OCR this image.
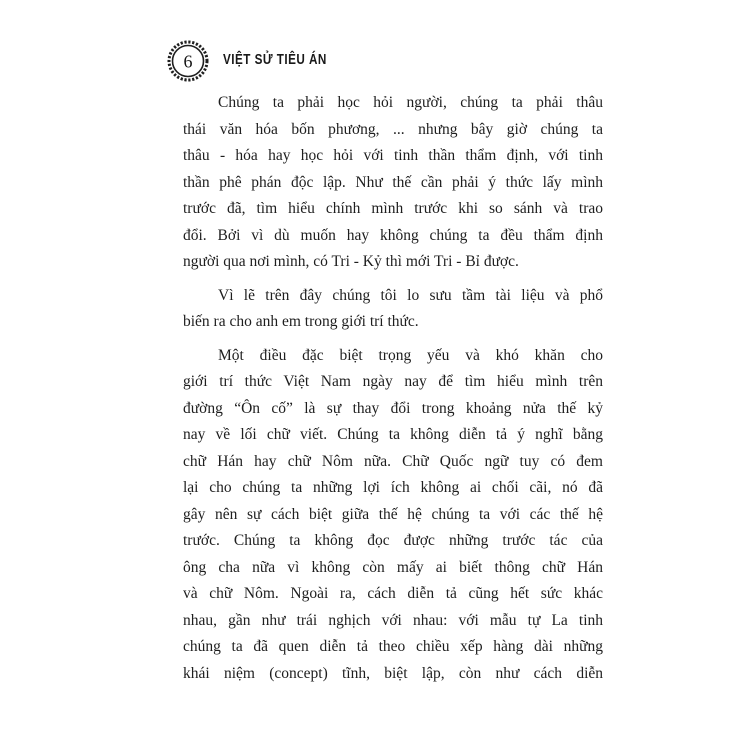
6 VIỆT SỬ TIÊU ÁN
Chúng ta phải học hỏi người, chúng ta phải thâu
thái văn hóa bốn phương, ... nhưng bây giờ chúng ta
thâu - hóa hay học hỏi với tinh thần thẩm định, với tinh
thần phê phán độc lập. Như thế cần phải ý thức lấy mình
trước đã, tìm hiểu chính mình trước khi so sánh và trao
đổi. Bởi vì dù muốn hay không chúng ta đều thẩm định
người qua nơi mình, có Tri - Kỷ thì mới Tri - Bỉ được.
Vì lẽ trên đây chúng tôi lo sưu tầm tài liệu và phổ
biến ra cho anh em trong giới trí thức.
Một điều đặc biệt trọng yếu và khó khăn cho
giới trí thức Việt Nam ngày nay để tìm hiểu mình trên
đường “Ôn cố” là sự thay đổi trong khoảng nửa thế kỷ
nay về lối chữ viết. Chúng ta không diễn tả ý nghĩ bằng
chữ Hán hay chữ Nôm nữa. Chữ Quốc ngữ tuy có đem
lại cho chúng ta những lợi ích không ai chối cãi, nó đã
gây nên sự cách biệt giữa thế hệ chúng ta với các thế hệ
trước. Chúng ta không đọc được những trước tác của
ông cha nữa vì không còn mấy ai biết thông chữ Hán
và chữ Nôm. Ngoài ra, cách diễn tả cũng hết sức khác
nhau, gần như trái nghịch với nhau: với mẫu tự La tinh
chúng ta đã quen diễn tả theo chiều xếp hàng dài những
khái niệm (concept) tĩnh, biệt lập, còn như cách diễn
